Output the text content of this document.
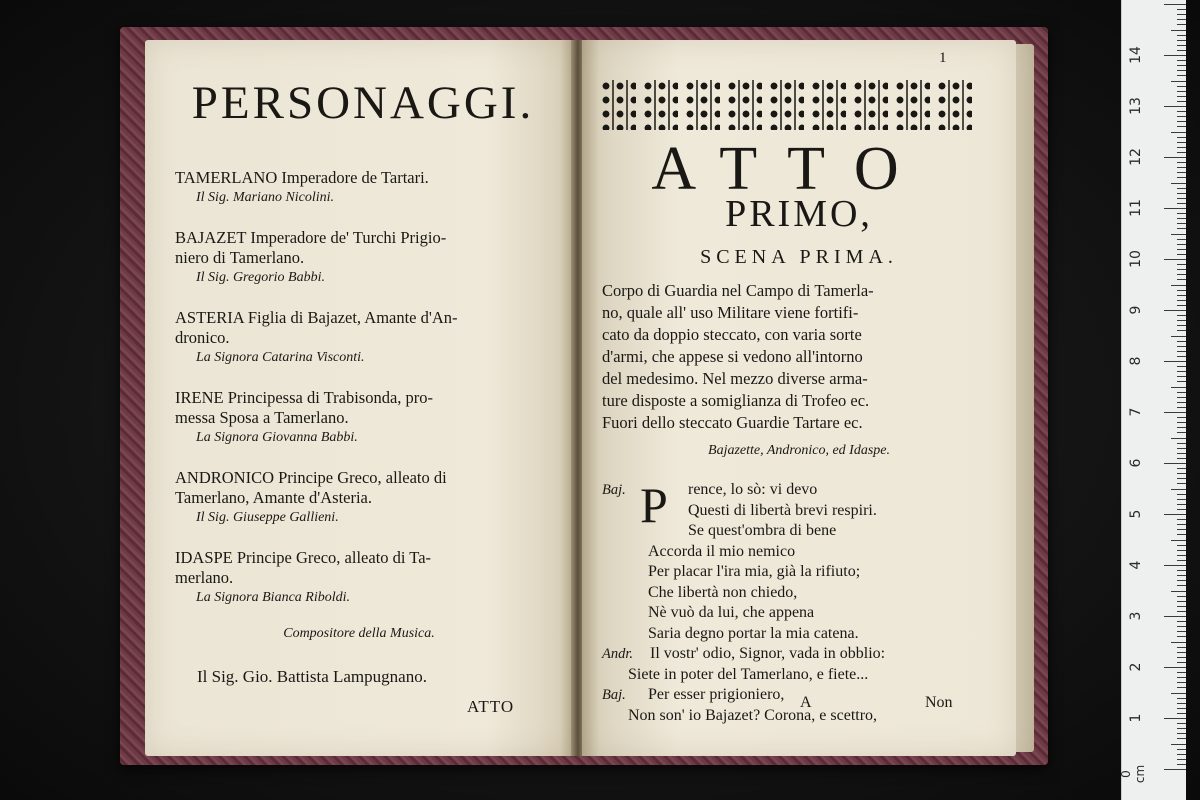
PERSONAGGI.
TAMERLANO Imperadore de Tartari.
Il Sig. Mariano Nicolini.
BAJAZET Imperadore de' Turchi Prigio-
niero di Tamerlano.
Il Sig. Gregorio Babbi.
ASTERIA Figlia di Bajazet, Amante d'An-
dronico.
La Signora Catarina Visconti.
IRENE Principessa di Trabisonda, pro-
messa Sposa a Tamerlano.
La Signora Giovanna Babbi.
ANDRONICO Principe Greco, alleato di
Tamerlano, Amante d'Asteria.
Il Sig. Giuseppe Gallieni.
IDASPE Principe Greco, alleato di Ta-
merlano.
La Signora Bianca Riboldi.
Compositore della Musica.
Il Sig. Gio. Battista Lampugnano.
ATTO
1
ATTO
PRIMO,
SCENA PRIMA.
Corpo di Guardia nel Campo di Tamerla-
no, quale all' uso Militare viene fortifi-
cato da doppio steccato, con varia sorte
d'armi, che appese si vedono all'intorno
del medesimo. Nel mezzo diverse arma-
ture disposte a somiglianza di Trofeo ec.
Fuori dello steccato Guardie Tartare ec.
Bajazette, Andronico, ed Idaspe.
P
Baj.	rence, lo sò: vi devo
Questi di libertà brevi respiri.
Se quest'ombra di bene
Accorda il mio nemico
Per placar l'ira mia, già la rifiuto;
Che libertà non chiedo,
Nè vuò da lui, che appena
Saria degno portar la mia catena.
Andr. Il vostr' odio, Signor, vada in obblio:
Siete in poter del Tamerlano, e fiete...
Baj. Per esser prigioniero,
Non son' io Bajazet? Corona, e scettro,
A	Non
0 cm
1
2
3
4
5
6
7
8
9
10
11
12
13
14
